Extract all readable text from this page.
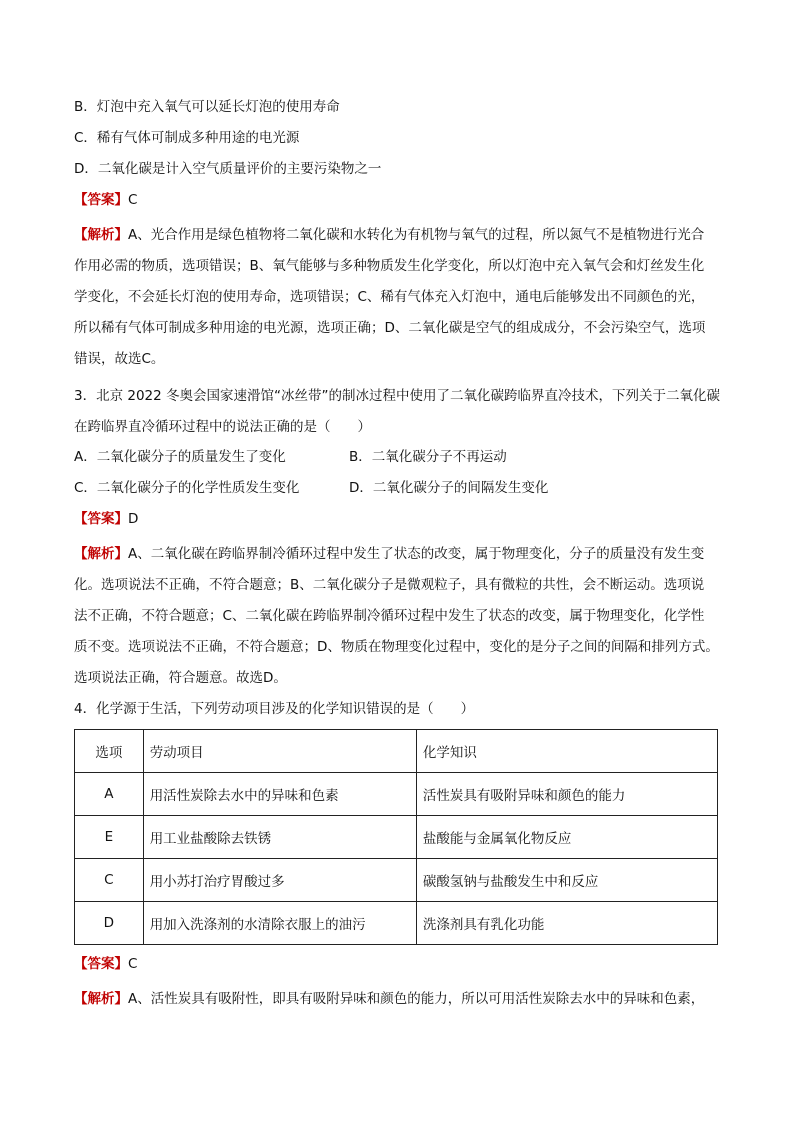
B．灯泡中充入氧气可以延长灯泡的使用寿命
C．稀有气体可制成多种用途的电光源
D．二氧化碳是计入空气质量评价的主要污染物之一
【答案】C
【解析】A、光合作用是绿色植物将二氧化碳和水转化为有机物与氧气的过程，所以氮气不是植物进行光合
作用必需的物质，选项错误；B、氧气能够与多种物质发生化学变化，所以灯泡中充入氧气会和灯丝发生化
学变化，不会延长灯泡的使用寿命，选项错误；C、稀有气体充入灯泡中，通电后能够发出不同颜色的光，
所以稀有气体可制成多种用途的电光源，选项正确；D、二氧化碳是空气的组成成分，不会污染空气，选项
错误，故选C。
3．北京 2022 冬奥会国家速滑馆“冰丝带”的制冰过程中使用了二氧化碳跨临界直冷技术，下列关于二氧化碳
在跨临界直冷循环过程中的说法正确的是（　　）
A．二氧化碳分子的质量发生了变化	B．二氧化碳分子不再运动
C．二氧化碳分子的化学性质发生变化	D．二氧化碳分子的间隔发生变化
【答案】D
【解析】A、二氧化碳在跨临界制冷循环过程中发生了状态的改变，属于物理变化，分子的质量没有发生变
化。选项说法不正确，不符合题意；B、二氧化碳分子是微观粒子，具有微粒的共性，会不断运动。选项说
法不正确，不符合题意；C、二氧化碳在跨临界制冷循环过程中发生了状态的改变，属于物理变化，化学性
质不变。选项说法不正确，不符合题意；D、物质在物理变化过程中，变化的是分子之间的间隔和排列方式。
选项说法正确，符合题意。故选D。
4．化学源于生活，下列劳动项目涉及的化学知识错误的是（　　）
选项	劳动项目	化学知识
A	用活性炭除去水中的异味和色素	活性炭具有吸附异味和颜色的能力
E	用工业盐酸除去铁锈	盐酸能与金属氧化物反应
C	用小苏打治疗胃酸过多	碳酸氢钠与盐酸发生中和反应
D	用加入洗涤剂的水清除衣服上的油污	洗涤剂具有乳化功能
【答案】C
【解析】A、活性炭具有吸附性，即具有吸附异味和颜色的能力，所以可用活性炭除去水中的异味和色素，
